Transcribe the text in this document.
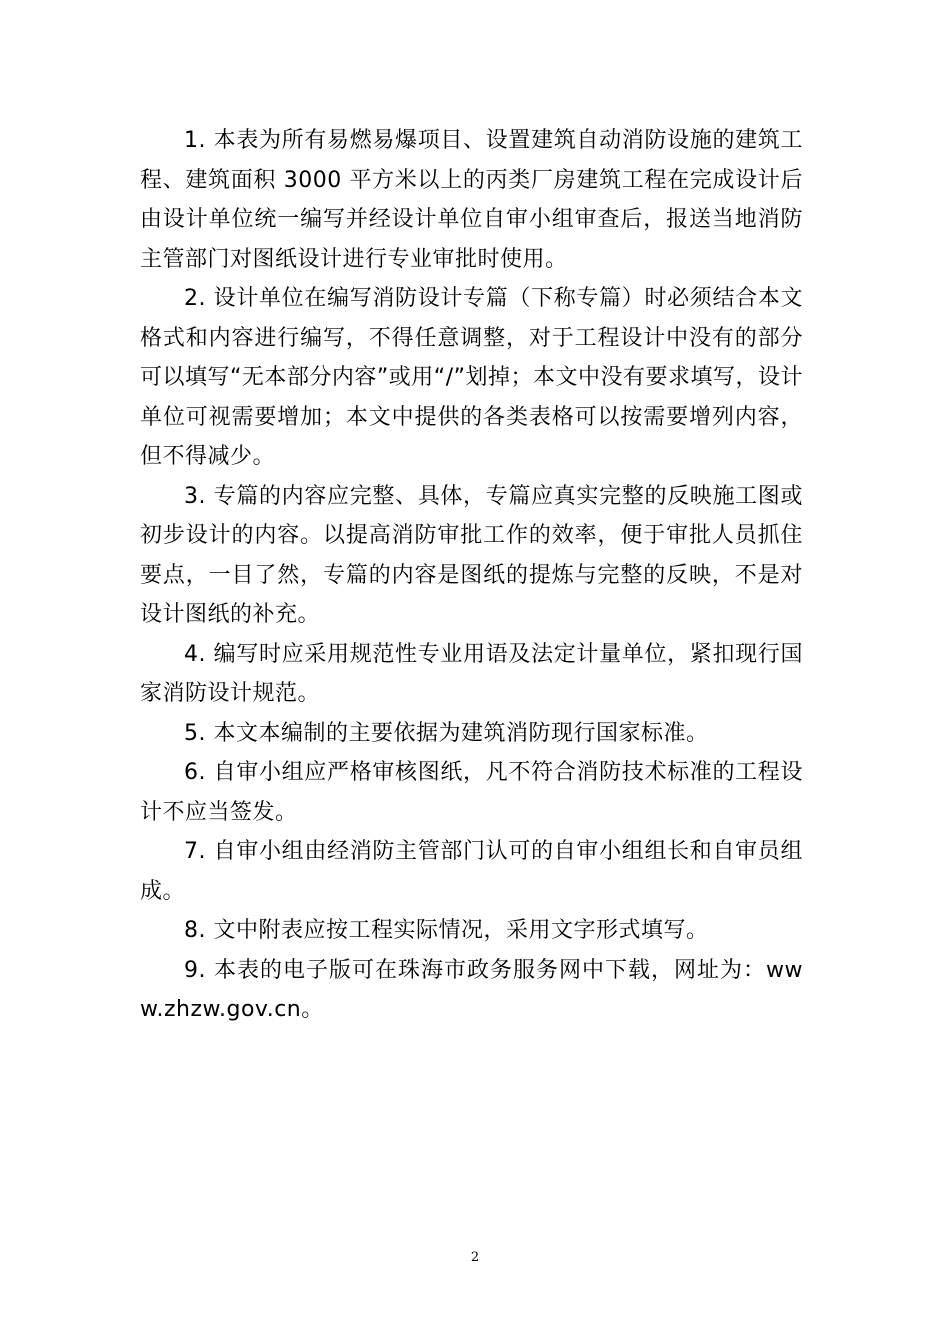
1. 本表为所有易燃易爆项目、设置建筑自动消防设施的建筑工程、建筑面积 3000 平方米以上的丙类厂房建筑工程在完成设计后由设计单位统一编写并经设计单位自审小组审查后，报送当地消防主管部门对图纸设计进行专业审批时使用。

2. 设计单位在编写消防设计专篇（下称专篇）时必须结合本文格式和内容进行编写，不得任意调整，对于工程设计中没有的部分可以填写“无本部分内容”或用“/”划掉；本文中没有要求填写，设计单位可视需要增加；本文中提供的各类表格可以按需要增列内容，但不得减少。

3. 专篇的内容应完整、具体，专篇应真实完整的反映施工图或初步设计的内容。以提高消防审批工作的效率，便于审批人员抓住要点，一目了然，专篇的内容是图纸的提炼与完整的反映，不是对设计图纸的补充。

4. 编写时应采用规范性专业用语及法定计量单位，紧扣现行国家消防设计规范。

5. 本文本编制的主要依据为建筑消防现行国家标准。

6. 自审小组应严格审核图纸，凡不符合消防技术标准的工程设计不应当签发。

7. 自审小组由经消防主管部门认可的自审小组组长和自审员组成。

8. 文中附表应按工程实际情况，采用文字形式填写。

9. 本表的电子版可在珠海市政务服务网中下载，网址为：www.zhzw.gov.cn。

2
